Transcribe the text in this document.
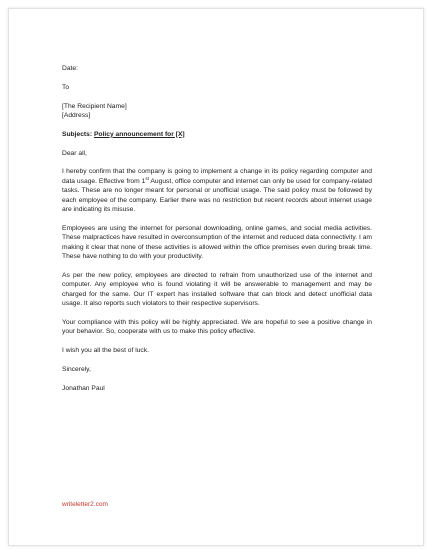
Date:
To
[The Recipient Name]
[Address]
Subjects: Policy announcement for [X]
Dear all,
I hereby confirm that the company is going to implement a change in its policy regarding computer and data usage. Effective from 1st August, office computer and internet can only be used for company-related tasks. These are no longer meant for personal or unofficial usage. The said policy must be followed by each employee of the company. Earlier there was no restriction but recent records about internet usage are indicating its misuse.
Employees are using the internet for personal downloading, online games, and social media activities. These malpractices have resulted in overconsumption of the internet and reduced data connectivity. I am making it clear that none of these activities is allowed within the office premises even during break time. These have nothing to do with your productivity.
As per the new policy, employees are directed to refrain from unauthorized use of the internet and computer. Any employee who is found violating it will be answerable to management and may be charged for the same. Our IT expert has installed software that can block and detect unofficial data usage. It also reports such violators to their respective supervisors.
Your compliance with this policy will be highly appreciated. We are hopeful to see a positive change in your behavior. So, cooperate with us to make this policy effective.
I wish you all the best of luck.
Sincerely,
Jonathan Paul
writeletter2.com
